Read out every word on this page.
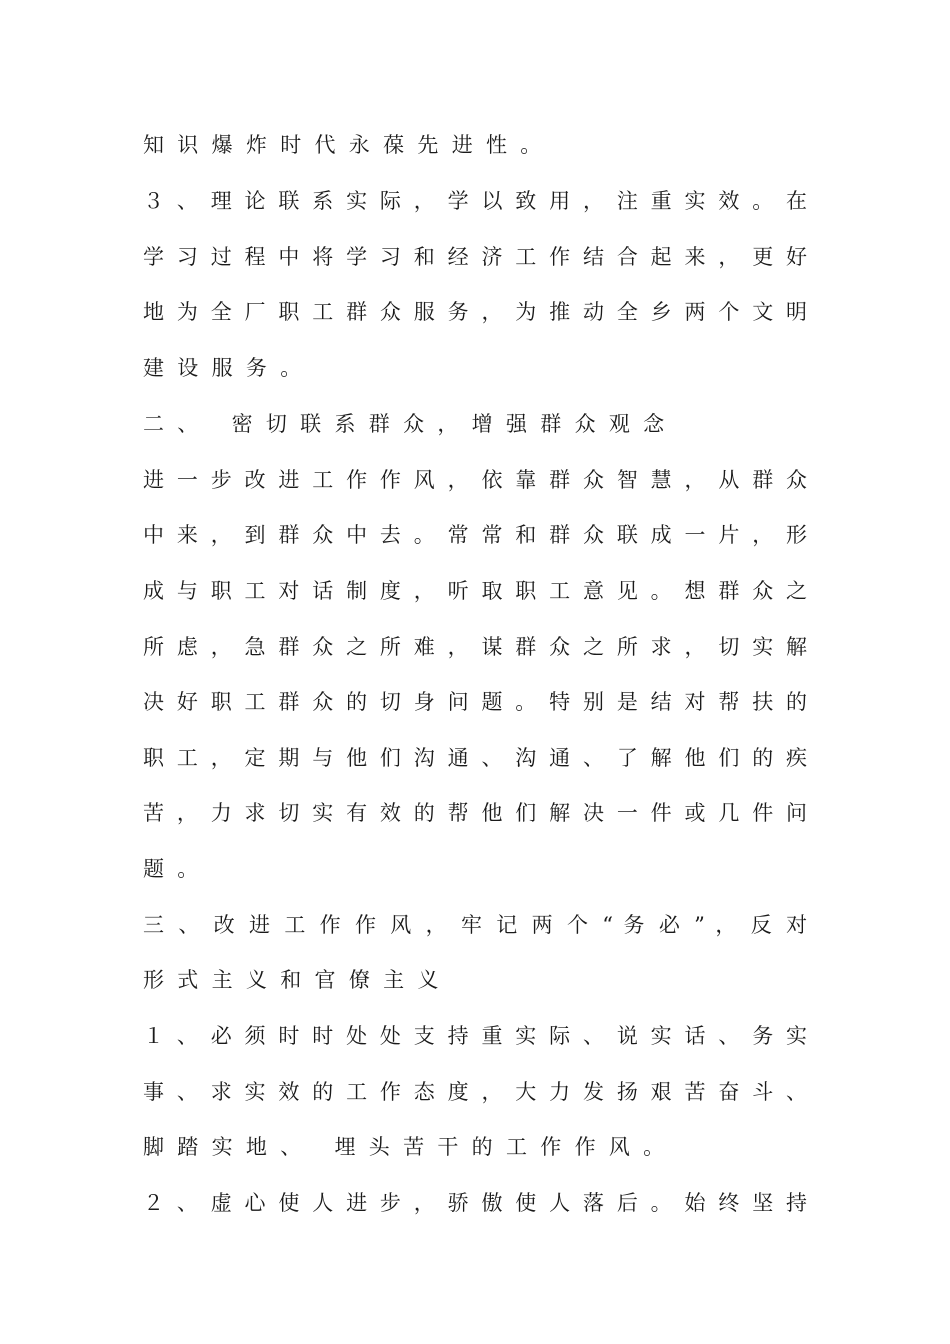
知识爆炸时代永葆先进性。
３ 、 理 论 联 系 实 际 ， 学 以 致 用 ， 注 重 实 效 。 在
学 习 过 程 中 将 学 习 和 经 济 工 作 结 合 起 来 ， 更 好
地 为 全 厂 职 工 群 众 服 务 ， 为 推 动 全 乡 两 个 文 明
建设服务。
二、 密切联系群众，增强群众观念
进 一 步 改 进 工 作 作 风 ， 依 靠 群 众 智 慧 ， 从 群 众
中 来 ， 到 群 众 中 去 。 常 常 和 群 众 联 成 一 片 ， 形
成 与 职 工 对 话 制 度 ， 听 取 职 工 意 见 。 想 群 众 之
所 虑 ， 急 群 众 之 所 难 ， 谋 群 众 之 所 求 ， 切 实 解
决 好 职 工 群 众 的 切 身 问 题 。 特 别 是 结 对 帮 扶 的
职 工 ， 定 期 与 他 们 沟 通 、 沟 通 、 了 解 他 们 的 疾
苦 ， 力 求 切 实 有 效 的 帮 他 们 解 决 一 件 或 几 件 问
题。
三 、 改 进 工 作 作 风 ， 牢 记 两 个 “ 务 必 ” ， 反 对
形式主义和官僚主义
１ 、 必 须 时 时 处 处 支 持 重 实 际 、 说 实 话 、 务 实
事 、 求 实 效 的 工 作 态 度 ， 大 力 发 扬 艰 苦 奋 斗 、
脚踏实地、 埋头苦干的工作作风。
２ 、 虚 心 使 人 进 步 ， 骄 傲 使 人 落 后 。 始 终 坚 持
